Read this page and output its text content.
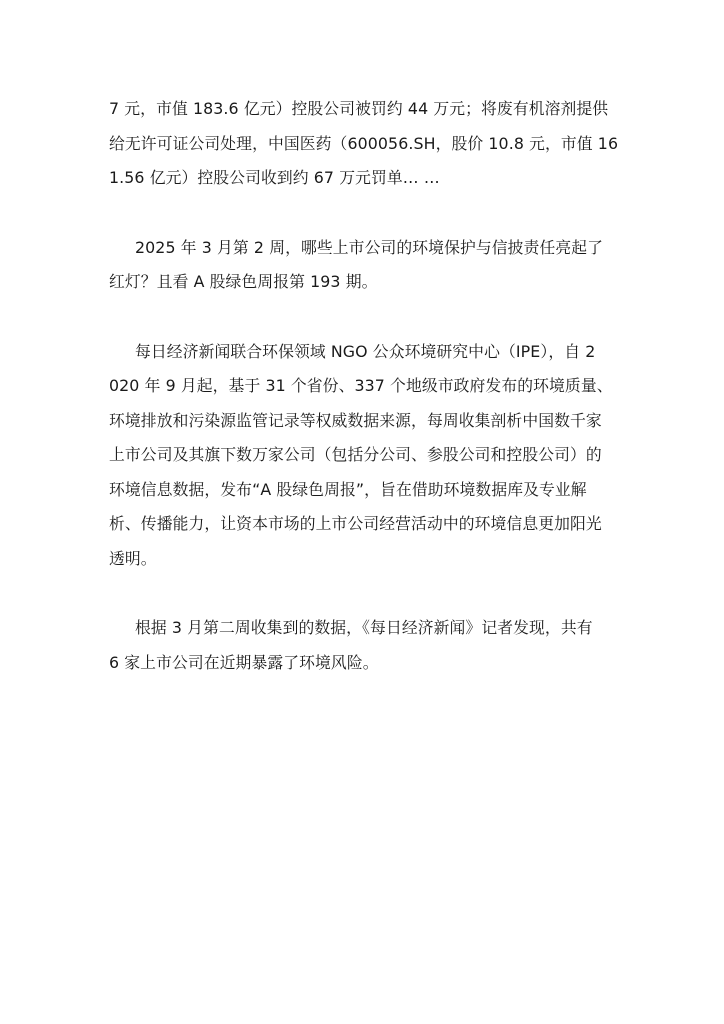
7 元，市值 183.6 亿元）控股公司被罚约 44 万元；将废有机溶剂提供
给无许可证公司处理，中国医药（600056.SH，股价 10.8 元，市值 16
1.56 亿元）控股公司收到约 67 万元罚单… …

2025 年 3 月第 2 周，哪些上市公司的环境保护与信披责任亮起了
红灯？且看 A 股绿色周报第 193 期。

每日经济新闻联合环保领域 NGO 公众环境研究中心（IPE），自 2
020 年 9 月起，基于 31 个省份、337 个地级市政府发布的环境质量、
环境排放和污染源监管记录等权威数据来源，每周收集剖析中国数千家
上市公司及其旗下数万家公司（包括分公司、参股公司和控股公司）的
环境信息数据，发布“A 股绿色周报”，旨在借助环境数据库及专业解
析、传播能力，让资本市场的上市公司经营活动中的环境信息更加阳光
透明。

根据 3 月第二周收集到的数据，《每日经济新闻》记者发现，共有
6 家上市公司在近期暴露了环境风险。
